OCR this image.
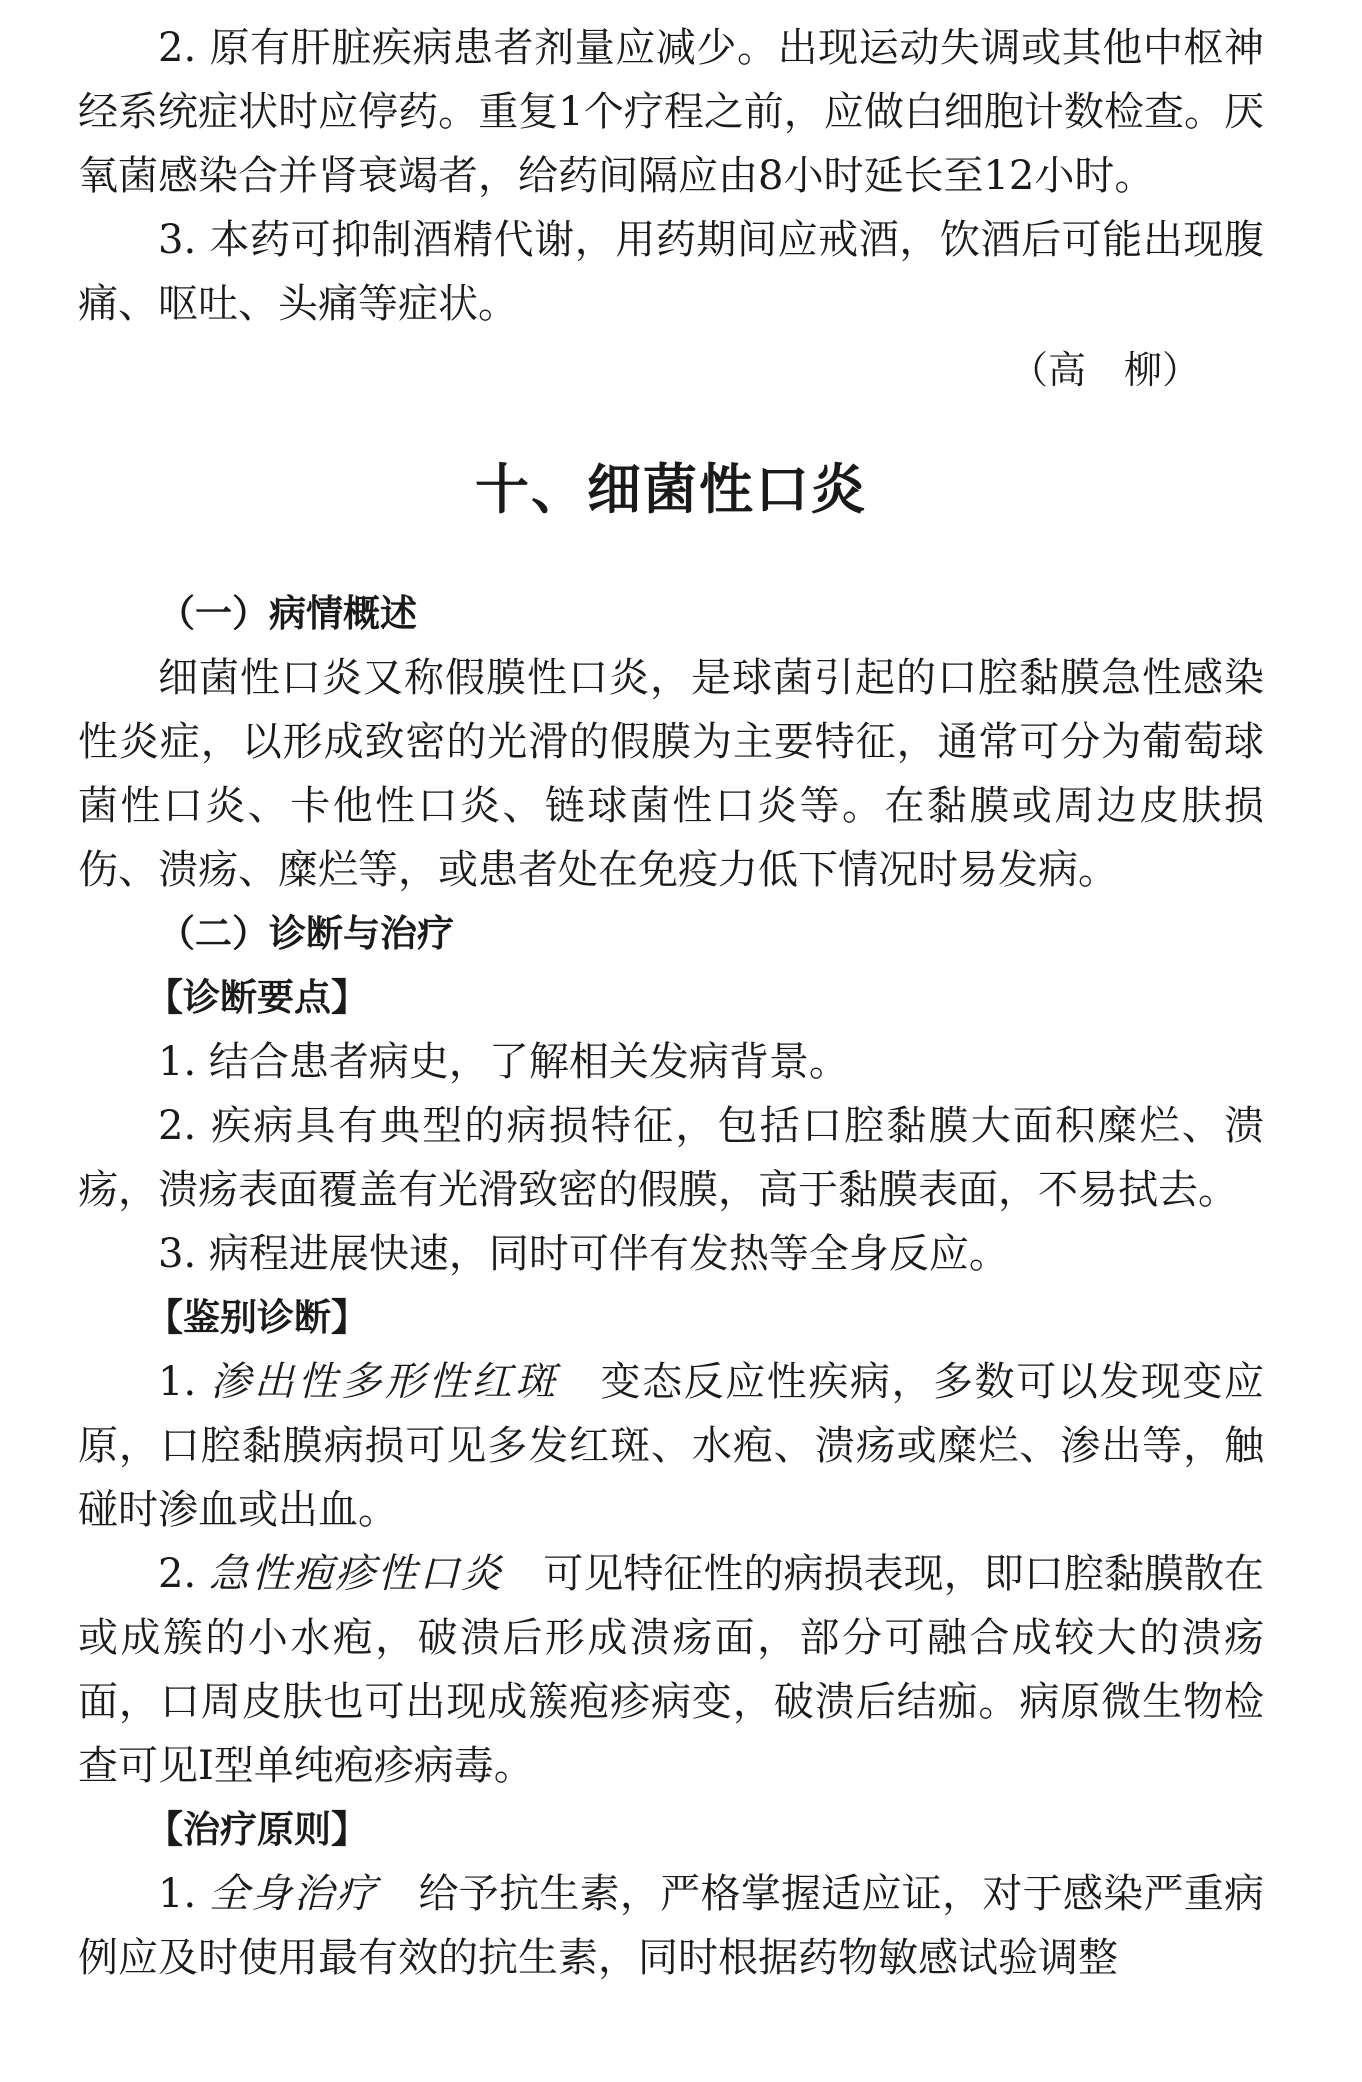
2. 原有肝脏疾病患者剂量应减少。出现运动失调或其他中枢神经系统症状时应停药。重复1个疗程之前，应做白细胞计数检查。厌氧菌感染合并肾衰竭者，给药间隔应由8小时延长至12小时。

3. 本药可抑制酒精代谢，用药期间应戒酒，饮酒后可能出现腹痛、呕吐、头痛等症状。

（高　柳）

十、细菌性口炎
（一）病情概述

细菌性口炎又称假膜性口炎，是球菌引起的口腔黏膜急性感染性炎症，以形成致密的光滑的假膜为主要特征，通常可分为葡萄球菌性口炎、卡他性口炎、链球菌性口炎等。在黏膜或周边皮肤损伤、溃疡、糜烂等，或患者处在免疫力低下情况时易发病。

（二）诊断与治疗
【诊断要点】

1. 结合患者病史，了解相关发病背景。

2. 疾病具有典型的病损特征，包括口腔黏膜大面积糜烂、溃疡，溃疡表面覆盖有光滑致密的假膜，高于黏膜表面，不易拭去。

3. 病程进展快速，同时可伴有发热等全身反应。

【鉴别诊断】

1. 渗出性多形性红斑　 变态反应性疾病，多数可以发现变应原，口腔黏膜病损可见多发红斑、水疱、溃疡或糜烂、渗出等，触碰时渗血或出血。

2. 急性疱疹性口炎　 可见特征性的病损表现，即口腔黏膜散在或成簇的小水疱，破溃后形成溃疡面，部分可融合成较大的溃疡面，口周皮肤也可出现成簇疱疹病变，破溃后结痂。病原微生物检查可见Ⅰ型单纯疱疹病毒。

【治疗原则】

1. 全身治疗　 给予抗生素，严格掌握适应证，对于感染严重病例应及时使用最有效的抗生素，同时根据药物敏感试验调整
